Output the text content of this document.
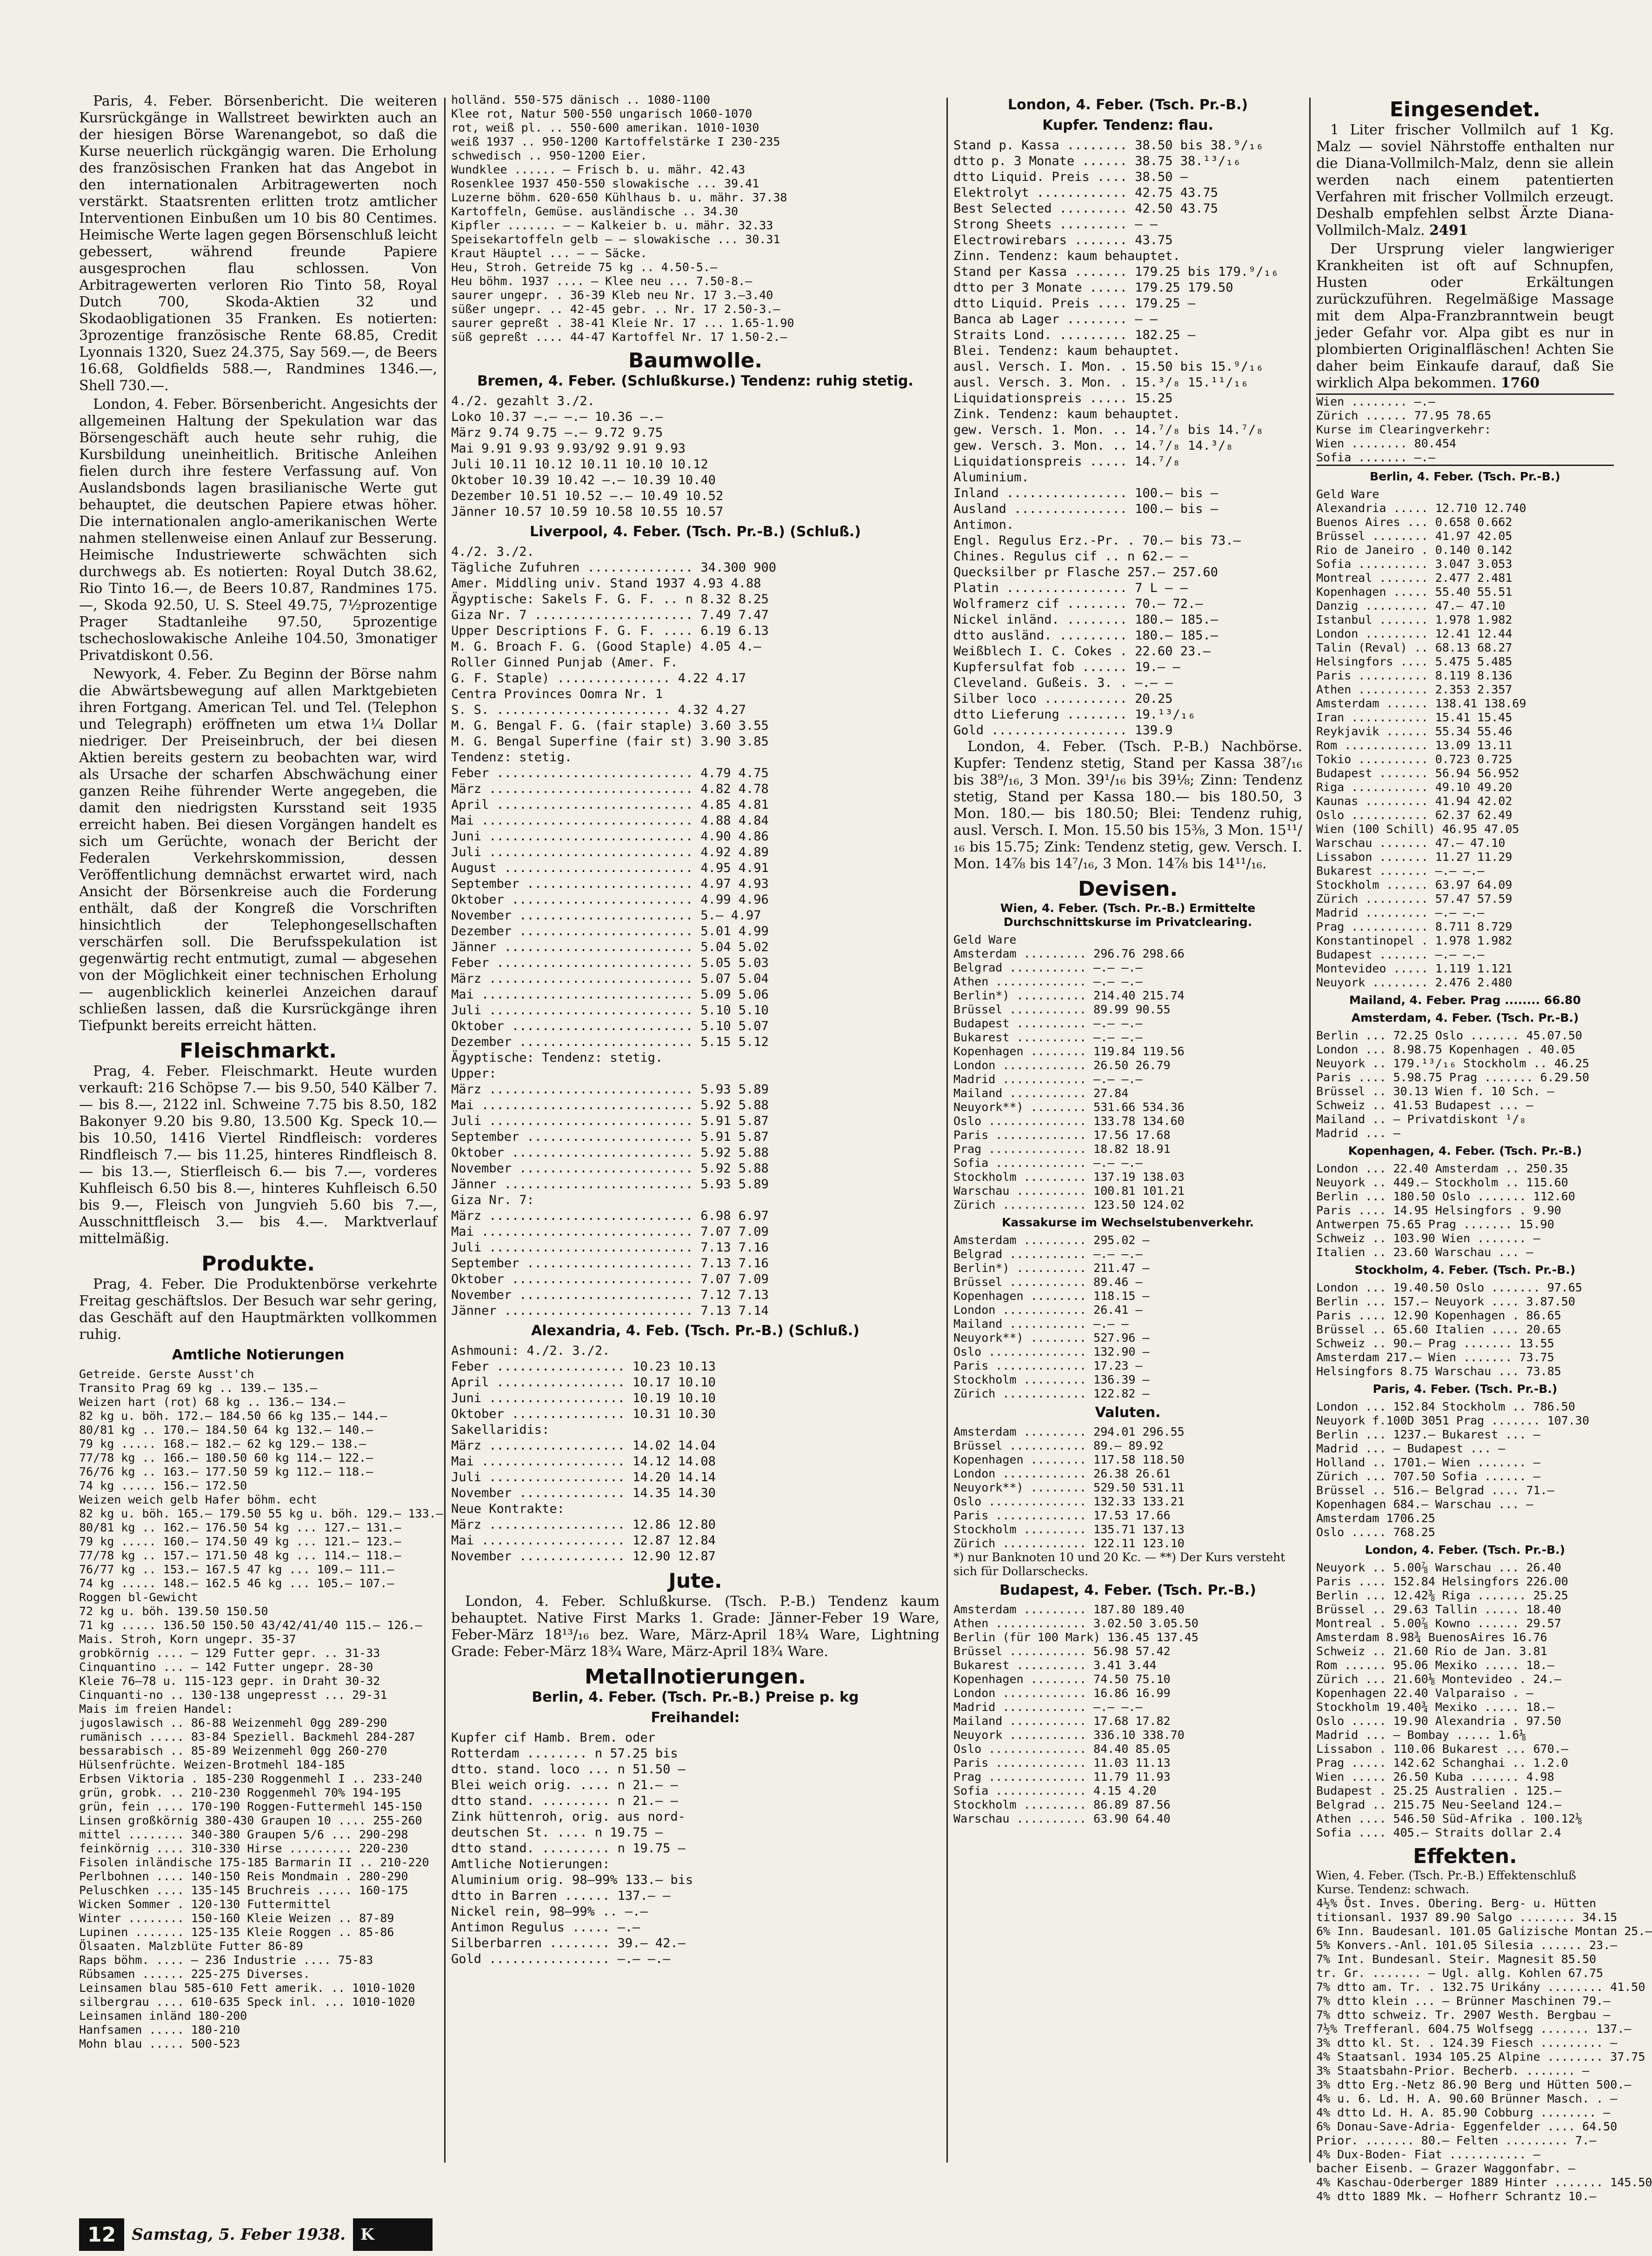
Paris, 4. Feber. Börsenbericht. Die weiteren Kursrückgänge in Wallstreet bewirkten auch an der hiesigen Börse Warenangebot, so daß die Kurse neuerlich rückgängig waren. Die Erholung des französischen Franken hat das Angebot in den internationalen Arbitragewerten noch verstärkt. Staatsrenten erlitten trotz amtlicher Interventionen Einbußen um 10 bis 80 Centimes. Heimische Werte lagen gegen Börsenschluß leicht gebessert, während freunde Papiere ausgesprochen flau schlossen. Von Arbitragewerten verloren Rio Tinto 58, Royal Dutch 700, Skoda-Aktien 32 und Skodaobligationen 35 Franken. Es notierten: 3prozentige französische Rente 68.85, Credit Lyonnais 1320, Suez 24.375, Say 569.—, de Beers 16.68, Goldfields 588.—, Randmines 1346.—, Shell 730.—.

London, 4. Feber. Börsenbericht. Angesichts der allgemeinen Haltung der Spekulation war das Börsengeschäft auch heute sehr ruhig, die Kursbildung uneinheitlich. Britische Anleihen fielen durch ihre festere Verfassung auf. Von Auslandsbonds lagen brasilianische Werte gut behauptet, die deutschen Papiere etwas höher. Die internationalen anglo-amerikanischen Werte nahmen stellenweise einen Anlauf zur Besserung. Heimische Industriewerte schwächten sich durchwegs ab. Es notierten: Royal Dutch 38.62, Rio Tinto 16.—, de Beers 10.87, Randmines 175.—, Skoda 92.50, U. S. Steel 49.75, 7½prozentige Prager Stadtanleihe 97.50, 5prozentige tschechoslowakische Anleihe 104.50, 3monatiger Privatdiskont 0.56.

Newyork, 4. Feber. Zu Beginn der Börse nahm die Abwärtsbewegung auf allen Marktgebieten ihren Fortgang. American Tel. und Tel. (Telephon und Telegraph) eröffneten um etwa 1¼ Dollar niedriger. Der Preiseinbruch, der bei diesen Aktien bereits gestern zu beobachten war, wird als Ursache der scharfen Abschwächung einer ganzen Reihe führender Werte angegeben, die damit den niedrigsten Kursstand seit 1935 erreicht haben. Bei diesen Vorgängen handelt es sich um Gerüchte, wonach der Bericht der Federalen Verkehrskommission, dessen Veröffentlichung demnächst erwartet wird, nach Ansicht der Börsenkreise auch die Forderung enthält, daß der Kongreß die Vorschriften hinsichtlich der Telephongesellschaften verschärfen soll. Die Berufsspekulation ist gegenwärtig recht entmutigt, zumal — abgesehen von der Möglichkeit einer technischen Erholung — augenblicklich keinerlei Anzeichen darauf schließen lassen, daß die Kursrückgänge ihren Tiefpunkt bereits erreicht hätten.

Fleischmarkt.

Prag, 4. Feber. Fleischmarkt. Heute wurden verkauft: 216 Schöpse 7.— bis 9.50, 540 Kälber 7.— bis 8.—, 2122 inl. Schweine 7.75 bis 8.50, 182 Bakonyer 9.20 bis 9.80, 13.500 Kg. Speck 10.— bis 10.50, 1416 Viertel Rindfleisch: vorderes Rindfleisch 7.— bis 11.25, hinteres Rindfleisch 8.— bis 13.—, Stierfleisch 6.— bis 7.—, vorderes Kuhfleisch 6.50 bis 8.—, hinteres Kuhfleisch 6.50 bis 9.—, Fleisch von Jungvieh 5.60 bis 7.—, Ausschnittfleisch 3.— bis 4.—. Marktverlauf mittelmäßig.

Produkte.

Prag, 4. Feber. Die Produktenbörse verkehrte Freitag geschäftslos. Der Besuch war sehr gering, das Geschäft auf den Hauptmärkten vollkommen ruhig.

Amtliche Notierungen
Getreide. Gerste Ausst'ch
Transito Prag 69 kg .. 139.— 135.—
Weizen hart (rot) 68 kg .. 136.— 134.—
82 kg u. böh. 172.— 184.50 66 kg 135.— 144.—
80/81 kg .. 170.— 184.50 64 kg 132.— 140.—
79 kg ..... 168.— 182.— 62 kg 129.— 138.—
77/78 kg .. 166.— 180.50 60 kg 114.— 122.—
76/76 kg .. 163.— 177.50 59 kg 112.— 118.—
74 kg ..... 156.— 172.50
Weizen weich gelb Hafer böhm. echt
82 kg u. böh. 165.— 179.50 55 kg u. böh. 129.— 133.—
80/81 kg .. 162.— 176.50 54 kg ... 127.— 131.—
79 kg ..... 160.— 174.50 49 kg ... 121.— 123.—
77/78 kg .. 157.— 171.50 48 kg ... 114.— 118.—
76/77 kg .. 153.— 167.5 47 kg ... 109.— 111.—
74 kg ..... 148.— 162.5 46 kg ... 105.— 107.—
Roggen bl-Gewicht
72 kg u. böh. 139.50 150.50
71 kg ..... 136.50 150.50 43/42/41/40 115.— 126.—
Mais. Stroh, Korn ungepr. 35-37
grobkörnig .... — 129 Futter gepr. .. 31-33
Cinquantino ... — 142 Futter ungepr. 28-30
Kleie 76—78 u. 115-123 gepr. in Draht 30-32
Cinquanti-no .. 130-138 ungepresst ... 29-31
Mais im freien Handel:
jugoslawisch .. 86-88 Weizenmehl 0gg 289-290
rumänisch ..... 83-84 Speziell. Backmehl 284-287
bessarabisch .. 85-89 Weizenmehl 0gg 260-270
Hülsenfrüchte. Weizen-Brotmehl 184-185
Erbsen Viktoria . 185-230 Roggenmehl I .. 233-240
grün, grobk. .. 210-230 Roggenmehl 70% 194-195
grün, fein .... 170-190 Roggen-Futtermehl 145-150
Linsen großkörnig 380-430 Graupen 10 .... 255-260
mittel ........ 340-380 Graupen 5/6 ... 290-298
feinkörnig .... 310-330 Hirse ......... 220-230
Fisolen inländische 175-185 Barmarin II .. 210-220
Perlbohnen .... 140-150 Reis Mondmain . 280-290
Peluschken .... 135-145 Bruchreis ..... 160-175
Wicken Sommer . 120-130 Futtermittel
Winter ........ 150-160 Kleie Weizen .. 87-89
Lupinen ....... 125-135 Kleie Roggen .. 85-86
Ölsaaten. Malzblüte Futter 86-89
Raps böhm. .... — 236 Industrie .... 75-83
Rübsamen ...... 225-275 Diverses.
Leinsamen blau 585-610 Fett amerik. .. 1010-1020
silbergrau .... 610-635 Speck inl. ... 1010-1020
Leinsamen inländ 180-200
Hanfsamen ..... 180-210
Mohn blau ..... 500-523
holländ. 550-575 dänisch .. 1080-1100
Klee rot, Natur 500-550 ungarisch 1060-1070
rot, weiß pl. .. 550-600 amerikan. 1010-1030
weiß 1937 .. 950-1200 Kartoffelstärke I 230-235
schwedisch .. 950-1200 Eier.
Wundklee ...... — Frisch b. u. mähr. 42.43
Rosenklee 1937 450-550 slowakische ... 39.41
Luzerne böhm. 620-650 Kühlhaus b. u. mähr. 37.38
Kartoffeln, Gemüse. ausländische .. 34.30
Kipfler ....... — — Kalkeier b. u. mähr. 32.33
Speisekartoffeln gelb — — slowakische ... 30.31
Kraut Häuptel ... — — Säcke.
Heu, Stroh. Getreide 75 kg .. 4.50-5.—
Heu böhm. 1937 .... — Klee neu ... 7.50-8.—
saurer ungepr. . 36-39 Kleb neu Nr. 17 3.—3.40
süßer ungepr. .. 42-45 gebr. .. Nr. 17 2.50-3.—
saurer gepreßt . 38-41 Kleie Nr. 17 ... 1.65-1.90
süß gepreßt .... 44-47 Kartoffel Nr. 17 1.50-2.—
Baumwolle.
Bremen, 4. Feber. (Schlußkurse.) Tendenz: ruhig stetig.
4./2. gezahlt 3./2.
Loko 10.37 —.— —.— 10.36 —.—
März 9.74 9.75 —.— 9.72 9.75
Mai 9.91 9.93 9.93/92 9.91 9.93
Juli 10.11 10.12 10.11 10.10 10.12
Oktober 10.39 10.42 —.— 10.39 10.40
Dezember 10.51 10.52 —.— 10.49 10.52
Jänner 10.57 10.59 10.58 10.55 10.57
Liverpool, 4. Feber. (Tsch. Pr.-B.) (Schluß.)
4./2. 3./2.
Tägliche Zufuhren .............. 34.300 900
Amer. Middling univ. Stand 1937 4.93 4.88
Ägyptische: Sakels F. G. F. .. n 8.32 8.25
Giza Nr. 7 ..................... 7.49 7.47
Upper Descriptions F. G. F. .... 6.19 6.13
M. G. Broach F. G. (Good Staple) 4.05 4.—
Roller Ginned Punjab (Amer. F.
G. F. Staple) ............... 4.22 4.17
Centra Provinces Oomra Nr. 1
S. S. ....................... 4.32 4.27
M. G. Bengal F. G. (fair staple) 3.60 3.55
M. G. Bengal Superfine (fair st) 3.90 3.85
Tendenz: stetig.
Feber .......................... 4.79 4.75
März ........................... 4.82 4.78
April .......................... 4.85 4.81
Mai ............................ 4.88 4.84
Juni ........................... 4.90 4.86
Juli ........................... 4.92 4.89
August ......................... 4.95 4.91
September ...................... 4.97 4.93
Oktober ........................ 4.99 4.96
November ....................... 5.— 4.97
Dezember ....................... 5.01 4.99
Jänner ......................... 5.04 5.02
Feber .......................... 5.05 5.03
März ........................... 5.07 5.04
Mai ............................ 5.09 5.06
Juli ........................... 5.10 5.10
Oktober ........................ 5.10 5.07
Dezember ....................... 5.15 5.12
Ägyptische: Tendenz: stetig.
Upper:
März ........................... 5.93 5.89
Mai ............................ 5.92 5.88
Juli ........................... 5.91 5.87
September ...................... 5.91 5.87
Oktober ........................ 5.92 5.88
November ....................... 5.92 5.88
Jänner ......................... 5.93 5.89
Giza Nr. 7:
März ........................... 6.98 6.97
Mai ............................ 7.07 7.09
Juli ........................... 7.13 7.16
September ...................... 7.13 7.16
Oktober ........................ 7.07 7.09
November ....................... 7.12 7.13
Jänner ......................... 7.13 7.14
Alexandria, 4. Feb. (Tsch. Pr.-B.) (Schluß.)
Ashmouni: 4./2. 3./2.
Feber ................. 10.23 10.13
April ................. 10.17 10.10
Juni .................. 10.19 10.10
Oktober ............... 10.31 10.30
Sakellaridis:
März .................. 14.02 14.04
Mai ................... 14.12 14.08
Juli .................. 14.20 14.14
November .............. 14.35 14.30
Neue Kontrakte:
März .................. 12.86 12.80
Mai ................... 12.87 12.84
November .............. 12.90 12.87
Jute.

London, 4. Feber. Schlußkurse. (Tsch. P.-B.) Tendenz kaum behauptet. Native First Marks 1. Grade: Jänner-Feber 19 Ware, Feber-März 18¹³/₁₆ bez. Ware, März-April 18¾ Ware, Lightning Grade: Feber-März 18¾ Ware, März-April 18¾ Ware.

Metallnotierungen.
Berlin, 4. Feber. (Tsch. Pr.-B.) Preise p. kg
Freihandel:
Kupfer cif Hamb. Brem. oder
Rotterdam ........ n 57.25 bis
dtto. stand. loco ... n 51.50 —
Blei weich orig. .... n 21.— —
dtto stand. ......... n 21.— —
Zink hüttenroh, orig. aus nord-
deutschen St. .... n 19.75 —
dtto stand. ......... n 19.75 —
Amtliche Notierungen:
Aluminium orig. 98—99% 133.— bis
dtto in Barren ...... 137.— —
Nickel rein, 98—99% .. —.—
Antimon Regulus ..... —.—
Silberbarren ........ 39.— 42.—
Gold ................ —.— —.—
London, 4. Feber. (Tsch. Pr.-B.)
Kupfer. Tendenz: flau.
Stand p. Kassa ........ 38.50 bis 38.⁹/₁₆
dtto p. 3 Monate ...... 38.75 38.¹³/₁₆
dtto Liquid. Preis .... 38.50 —
Elektrolyt ............ 42.75 43.75
Best Selected ......... 42.50 43.75
Strong Sheets ......... — —
Electrowirebars ....... 43.75
Zinn. Tendenz: kaum behauptet.
Stand per Kassa ....... 179.25 bis 179.⁹/₁₆
dtto per 3 Monate ..... 179.25 179.50
dtto Liquid. Preis .... 179.25 —
Banca ab Lager ........ — —
Straits Lond. ......... 182.25 —
Blei. Tendenz: kaum behauptet.
ausl. Versch. I. Mon. . 15.50 bis 15.⁹/₁₆
ausl. Versch. 3. Mon. . 15.³/₈ 15.¹¹/₁₆
Liquidationspreis ..... 15.25
Zink. Tendenz: kaum behauptet.
gew. Versch. 1. Mon. .. 14.⁷/₈ bis 14.⁷/₈
gew. Versch. 3. Mon. .. 14.⁷/₈ 14.³/₈
Liquidationspreis ..... 14.⁷/₈
Aluminium.
Inland ................ 100.— bis —
Ausland ............... 100.— bis —
Antimon.
Engl. Regulus Erz.-Pr. . 70.— bis 73.—
Chines. Regulus cif .. n 62.— —
Quecksilber pr Flasche 257.— 257.60
Platin ................ 7 L — —
Wolframerz cif ........ 70.— 72.—
Nickel inländ. ........ 180.— 185.—
dtto ausländ. ......... 180.— 185.—
Weißblech I. C. Cokes . 22.60 23.—
Kupfersulfat fob ...... 19.— —
Cleveland. Gußeis. 3. . —.— —
Silber loco ........... 20.25
dtto Lieferung ........ 19.¹³/₁₆
Gold .................. 139.9

London, 4. Feber. (Tsch. P.-B.) Nachbörse. Kupfer: Tendenz stetig, Stand per Kassa 38⁷/₁₆ bis 38⁹/₁₆, 3 Mon. 39¹/₁₆ bis 39⅛; Zinn: Tendenz stetig, Stand per Kassa 180.— bis 180.50, 3 Mon. 180.— bis 180.50; Blei: Tendenz ruhig, ausl. Versch. I. Mon. 15.50 bis 15⅜, 3 Mon. 15¹¹/₁₆ bis 15.75; Zink: Tendenz stetig, gew. Versch. I. Mon. 14⅞ bis 14⁷/₁₆, 3 Mon. 14⅞ bis 14¹¹/₁₆.

Devisen.
Wien, 4. Feber. (Tsch. Pr.-B.) Ermittelte Durchschnittskurse im Privatclearing.
Geld Ware
Amsterdam ......... 296.76 298.66
Belgrad ........... —.— —.—
Athen ............. —.— —.—
Berlin*) .......... 214.40 215.74
Brüssel ........... 89.99 90.55
Budapest .......... —.— —.—
Bukarest .......... —.— —.—
Kopenhagen ........ 119.84 119.56
London ............ 26.50 26.79
Madrid ............ —.— —.—
Mailand ........... 27.84
Neuyork**) ........ 531.66 534.36
Oslo .............. 133.78 134.60
Paris ............. 17.56 17.68
Prag .............. 18.82 18.91
Sofia ............. —.— —.—
Stockholm ......... 137.19 138.03
Warschau .......... 100.81 101.21
Zürich ............ 123.50 124.02
Kassakurse im Wechselstubenverkehr.
Amsterdam ......... 295.02 —
Belgrad ........... —.— —.—
Berlin*) .......... 211.47 —
Brüssel ........... 89.46 —
Kopenhagen ........ 118.15 —
London ............ 26.41 —
Mailand ........... —.— —
Neuyork**) ........ 527.96 —
Oslo .............. 132.90 —
Paris ............. 17.23 —
Stockholm ......... 136.39 —
Zürich ............ 122.82 —
Valuten.
Amsterdam ......... 294.01 296.55
Brüssel ........... 89.— 89.92
Kopenhagen ........ 117.58 118.50
London ............ 26.38 26.61
Neuyork**) ........ 529.50 531.11
Oslo .............. 132.33 133.21
Paris ............. 17.53 17.66
Stockholm ......... 135.71 137.13
Zürich ............ 122.11 123.10
*) nur Banknoten 10 und 20 Kc. — **) Der Kurs versteht sich für Dollarschecks.
Budapest, 4. Feber. (Tsch. Pr.-B.)
Amsterdam ......... 187.80 189.40
Athen ............. 3.02.50 3.05.50
Berlin (für 100 Mark) 136.45 137.45
Brüssel ........... 56.98 57.42
Bukarest .......... 3.41 3.44
Kopenhagen ........ 74.50 75.10
London ............ 16.86 16.99
Madrid ............ —.— —.—
Mailand ........... 17.68 17.82
Neuyork ........... 336.10 338.70
Oslo .............. 84.40 85.05
Paris ............. 11.03 11.13
Prag .............. 11.79 11.93
Sofia ............. 4.15 4.20
Stockholm ......... 86.89 87.56
Warschau .......... 63.90 64.40
Eingesendet.

1 Liter frischer Vollmilch auf 1 Kg. Malz — soviel Nährstoffe enthalten nur die Diana-Vollmilch-Malz, denn sie allein werden nach einem patentierten Verfahren mit frischer Vollmilch erzeugt. Deshalb empfehlen selbst Ärzte Diana-Vollmilch-Malz. 2491

Der Ursprung vieler langwieriger Krankheiten ist oft auf Schnupfen, Husten oder Erkältungen zurückzuführen. Regelmäßige Massage mit dem Alpa-Franzbranntwein beugt jeder Gefahr vor. Alpa gibt es nur in plombierten Originalfläschen! Achten Sie daher beim Einkaufe darauf, daß Sie wirklich Alpa bekommen. 1760

Wien ........ —.—
Zürich ...... 77.95 78.65
Kurse im Clearingverkehr:
Wien ........ 80.454
Sofia ....... —.—
Berlin, 4. Feber. (Tsch. Pr.-B.)
Geld Ware
Alexandria ..... 12.710 12.740
Buenos Aires ... 0.658 0.662
Brüssel ........ 41.97 42.05
Rio de Janeiro . 0.140 0.142
Sofia .......... 3.047 3.053
Montreal ....... 2.477 2.481
Kopenhagen ..... 55.40 55.51
Danzig ......... 47.— 47.10
Istanbul ....... 1.978 1.982
London ......... 12.41 12.44
Talin (Reval) .. 68.13 68.27
Helsingfors .... 5.475 5.485
Paris .......... 8.119 8.136
Athen .......... 2.353 2.357
Amsterdam ...... 138.41 138.69
Iran ........... 15.41 15.45
Reykjavik ...... 55.34 55.46
Rom ............ 13.09 13.11
Tokio .......... 0.723 0.725
Budapest ....... 56.94 56.952
Riga ........... 49.10 49.20
Kaunas ......... 41.94 42.02
Oslo ........... 62.37 62.49
Wien (100 Schill) 46.95 47.05
Warschau ....... 47.— 47.10
Lissabon ....... 11.27 11.29
Bukarest ....... —.— —.—
Stockholm ...... 63.97 64.09
Zürich ......... 57.47 57.59
Madrid ......... —.— —.—
Prag ........... 8.711 8.729
Konstantinopel . 1.978 1.982
Budapest ....... —.— —.—
Montevideo ..... 1.119 1.121
Neuyork ........ 2.476 2.480
Mailand, 4. Feber. Prag ........ 66.80
Amsterdam, 4. Feber. (Tsch. Pr.-B.)
Berlin ... 72.25 Oslo ....... 45.07.50
London ... 8.98.75 Kopenhagen . 40.05
Neuyork .. 179.¹³/₁₆ Stockholm .. 46.25
Paris .... 5.98.75 Prag ....... 6.29.50
Brüssel .. 30.13 Wien f. 10 Sch. —
Schweiz .. 41.53 Budapest ... —
Mailand .. — Privatdiskont ¹/₈
Madrid ... —
Kopenhagen, 4. Feber. (Tsch. Pr.-B.)
London ... 22.40 Amsterdam .. 250.35
Neuyork .. 449.— Stockholm .. 115.60
Berlin ... 180.50 Oslo ....... 112.60
Paris .... 14.95 Helsingfors . 9.90
Antwerpen 75.65 Prag ....... 15.90
Schweiz .. 103.90 Wien ....... —
Italien .. 23.60 Warschau ... —
Stockholm, 4. Feber. (Tsch. Pr.-B.)
London ... 19.40.50 Oslo ....... 97.65
Berlin ... 157.— Neuyork .... 3.87.50
Paris .... 12.90 Kopenhagen . 86.65
Brüssel .. 65.60 Italien .... 20.65
Schweiz .. 90.— Prag ....... 13.55
Amsterdam 217.— Wien ....... 73.75
Helsingfors 8.75 Warschau ... 73.85
Paris, 4. Feber. (Tsch. Pr.-B.)
London ... 152.84 Stockholm .. 786.50
Neuyork f.100D 3051 Prag ....... 107.30
Berlin ... 1237.— Bukarest ... —
Madrid ... — Budapest ... —
Holland .. 1701.— Wien ....... —
Zürich ... 707.50 Sofia ...... —
Brüssel .. 516.— Belgrad .... 71.—
Kopenhagen 684.— Warschau ... —
Amsterdam 1706.25
Oslo ..... 768.25
London, 4. Feber. (Tsch. Pr.-B.)
Neuyork .. 5.00⅞ Warschau ... 26.40
Paris .... 152.84 Helsingfors 226.00
Berlin ... 12.42⅜ Riga ....... 25.25
Brüssel .. 29.63 Tallin ..... 18.40
Montreal . 5.00⅞ Kowno ...... 29.57
Amsterdam 8.98¾ BuenosAires 16.76
Schweiz .. 21.60 Rio de Jan. 3.81
Rom ...... 95.06 Mexiko ..... 18.—
Zürich ... 21.60⅛ Montevideo . 24.—
Kopenhagen 22.40 Valparaiso . —
Stockholm 19.40¾ Mexiko ..... 18.—
Oslo ..... 19.90 Alexandria . 97.50
Madrid ... — Bombay ..... 1.6⅛
Lissabon . 110.06 Bukarest ... 670.—
Prag ..... 142.62 Schanghai .. 1.2.0
Wien ..... 26.50 Kuba ....... 4.98
Budapest . 25.25 Australien . 125.—
Belgrad .. 215.75 Neu-Seeland 124.—
Athen .... 546.50 Süd-Afrika . 100.12⅛
Sofia .... 405.— Straits dollar 2.4
Effekten.
Wien, 4. Feber. (Tsch. Pr.-B.) Effektenschluß Kurse. Tendenz: schwach.
4½% Öst. Inves. Obering. Berg- u. Hütten
titionsanl. 1937 89.90 Salgo ........ 34.15
6% Inn. Baudesanl. 101.05 Galizische Montan 25.—
5% Konvers.-Anl. 101.05 Silesia ...... 23.—
7% Int. Bundesanl. Steir. Magnesit 85.50
tr. Gr. ....... — Ugl. allg. Kohlen 67.75
7% dtto am. Tr. . 132.75 Urikány ........ 41.50
7% dtto klein ... — Brünner Maschinen 79.—
7% dtto schweiz. Tr. 2907 Westh. Bergbau —
7½% Trefferanl. 604.75 Wolfsegg ....... 137.—
3% dtto kl. St. . 124.39 Fiesch ......... —
4% Staatsanl. 1934 105.25 Alpine ........ 37.75
3% Staatsbahn-Prior. Becherb. ....... —
3% dtto Erg.-Netz 86.90 Berg und Hütten 500.—
4% u. 6. Ld. H. A. 90.60 Brünner Masch. . —
4% dtto Ld. H. A. 85.90 Cobburg ........ —
6% Donau-Save-Adria- Eggenfelder .... 64.50
Prior. ....... 80.— Felten ......... 7.—
4% Dux-Boden- Fiat ........... —
bacher Eisenb. — Grazer Waggonfabr. —
4% Kaschau-Oderberger 1889 Hinter ....... 145.50
4% dtto 1889 Mk. — Hofherr Schrantz 10.—
12	Samstag, 5. Feber 1938. K
